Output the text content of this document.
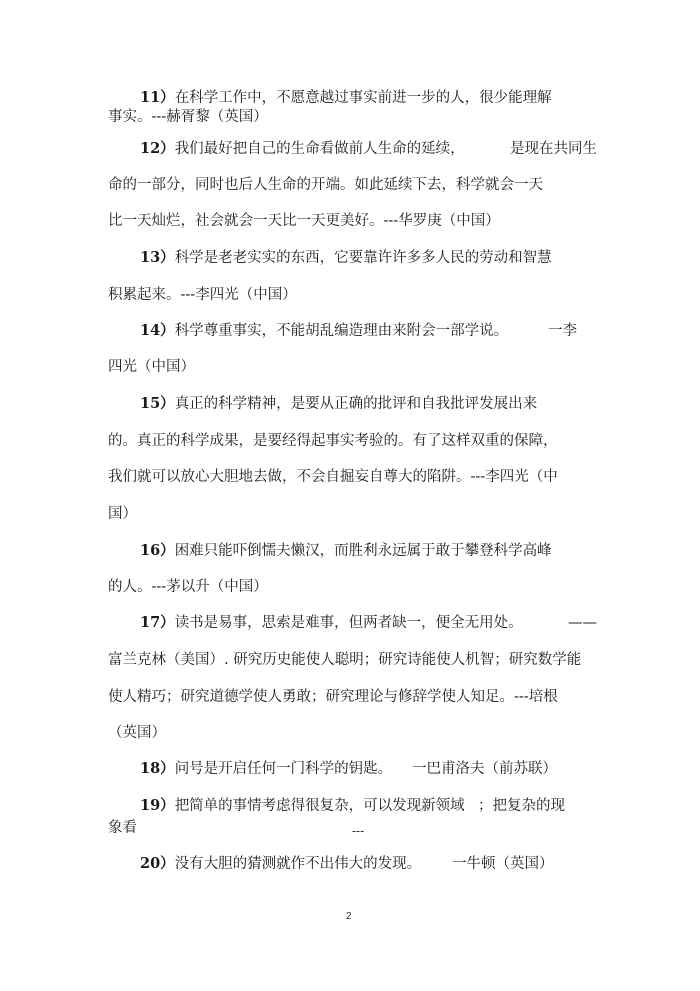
11）在科学工作中，不愿意越过事实前进一步的人，很少能理解
事实。---赫胥黎（英国）
12）我们最好把自己的生命看做前人生命的延续，	是现在共同生
命的一部分，同时也后人生命的开端。如此延续下去，科学就会一天
比一天灿烂，社会就会一天比一天更美好。---华罗庚（中国）
13）科学是老老实实的东西，它要靠许许多多人民的劳动和智慧
积累起来。---李四光（中国）
14）科学尊重事实，不能胡乱编造理由来附会一部学说。	一李
四光（中国）
15）真正的科学精神，是要从正确的批评和自我批评发展出来
的。真正的科学成果，是要经得起事实考验的。有了这样双重的保障，
我们就可以放心大胆地去做，不会自掘妄自尊大的陷阱。---李四光（中
国）
16）困难只能吓倒懦夫懒汉，而胜利永远属于敢于攀登科学高峰
的人。---茅以升（中国）
17）读书是易事，思索是难事，但两者缺一，便全无用处。	——
富兰克林（美国）. 研究历史能使人聪明；研究诗能使人机智；研究数学能
使人精巧；研究道德学使人勇敢；研究理论与修辞学使人知足。---培根
（英国）
18）问号是开启任何一门科学的钥匙。 一巴甫洛夫（前苏联）
19）把简单的事情考虑得很复杂，可以发现新领域 ；把复杂的现
象看	---
20）没有大胆的猜测就作不出伟大的发现。 一牛顿（英国）
2
